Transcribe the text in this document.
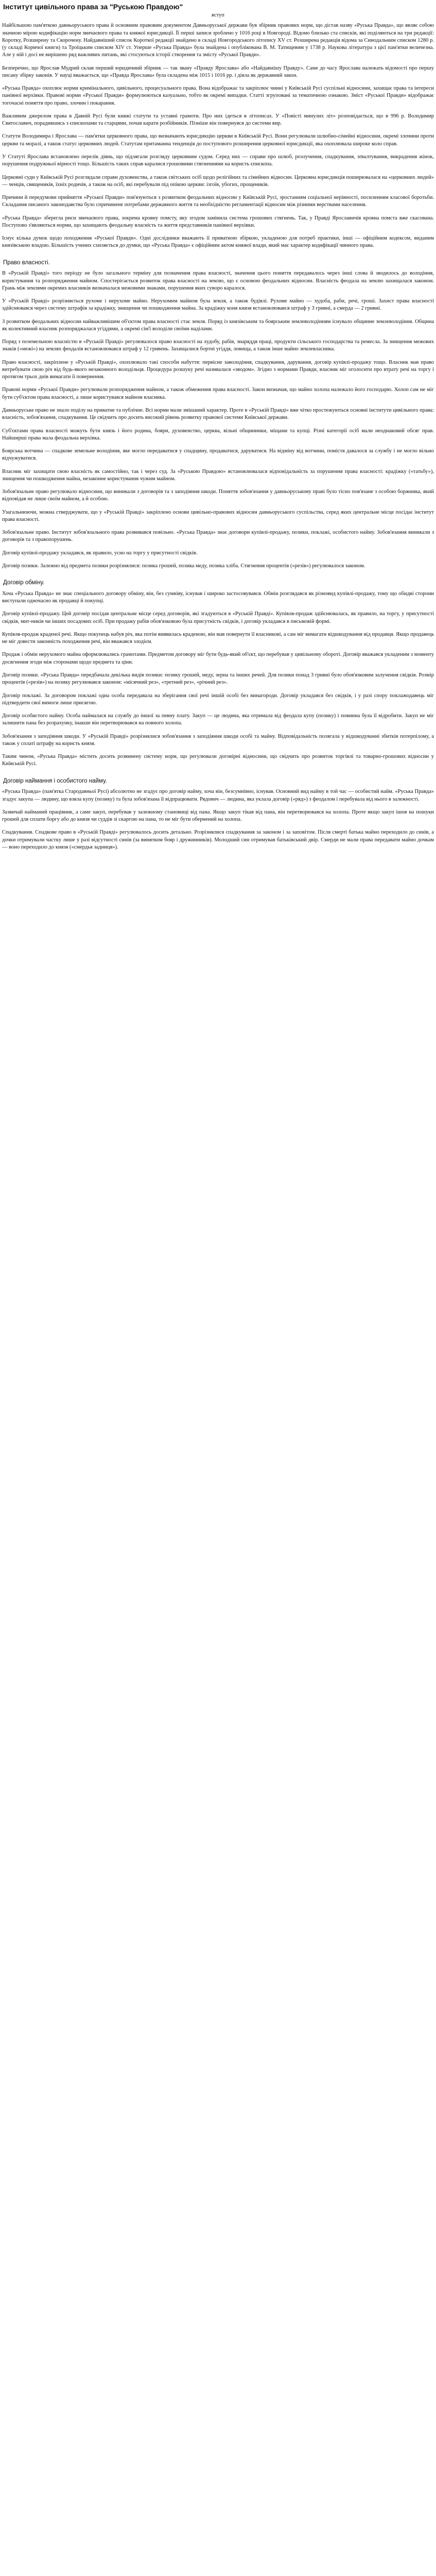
Інститут цивільного права за "Руською Правдою"
вступ

Найбільшою пам'яткою давньоруського права й основним правовим документом Давньоруської держави був збірник правових норм, що дістав назву «Руська Правда», що являє собою значною мірою кодифікацію норм звичаєвого права та княжої юрисдикції. Її перші записи зроблено у 1016 році в Новгороді. Відомо близько ста списків, які поділяються на три редакції: Коротку, Розширену та Скорочену. Найдавніший список Короткої редакції знайдено в складі Новгородського літопису XV ст. Розширена редакція відома за Синодальним списком 1280 р. (у складі Кормчої книги) та Троїцьким списком XIV ст. Уперше «Руська Правда» була знайдена і опублікована В. М. Татищевим у 1738 р. Наукова література з цієї пам'ятки величезна. Але у ній і досі не вирішено ряд важливих питань, які стосуються історії створення та змісту «Руської Правди».

Безперечно, що Ярослав Мудрий склав перший юридичний збірник — так звану «Правду Ярослава» або «Найдавнішу Правду». Саме до часу Ярослава належать відомості про першу писану збірку законів. У науці вважається, що «Правда Ярослава» була складена між 1015 і 1016 рр. і діяла як державний закон.

«Руська Правда» охоплює норми кримінального, цивільного, процесуального права. Вона відображає та закріплює чинні у Київській Русі суспільні відносини, захищає права та інтереси панівної верхівки. Правові норми «Руської Правди» формулюються казуально, тобто як окремі випадки. Статті згруповані за тематичною ознакою. Зміст «Руської Правди» відображає тогочасні поняття про право, злочин і покарання.

Важливим джерелом права в Давній Русі були княжі статути та уставні грамоти. Про них ідеться в літописах. У «Повісті минулих літ» розповідається, що в 996 р. Володимир Святославич, порадившись з єпископами та старцями, почав карати розбійників. Пізніше він повернувся до системи вир.

Статути Володимира і Ярослава — пам'ятки церковного права, що визначають юрисдикцію церкви в Київській Русі. Вони регулювали шлюбно-сімейні відносини, окремі злочини проти церкви та моралі, а також статус церковних людей. Статутам притаманна тенденція до поступового розширення церковної юрисдикції, яка охоплювала широке коло справ.

У Статуті Ярослава встановлено перелік діянь, що підлягали розгляду церковним судом. Серед них — справи про шлюб, розлучення, спадкування, зґвалтування, викрадення жінок, порушення подружньої вірності тощо. Більшість таких справ каралися грошовими стягненнями на користь єпископа.

Церковні суди у Київській Русі розглядали справи духовенства, а також світських осіб щодо релігійних та сімейних відносин. Церковна юрисдикція поширювалася на «церковних людей» — ченців, священиків, їхніх родичів, а також на осіб, які перебували під опікою церкви: ізгоїв, убогих, прощеників.

Причини й передумови прийняття «Руської Правди» пов'язуються з розвитком феодальних відносин у Київській Русі, зростанням соціальної нерівності, посиленням класової боротьби. Складання писаного законодавства було спричинене потребами державного життя та необхідністю регламентації відносин між різними верствами населення.

«Руська Правда» зберегла риси звичаєвого права, зокрема кровну помсту, яку згодом замінила система грошових стягнень. Так, у Правді Ярославичів кровна помста вже скасована. Поступово з'являються норми, що захищають феодальну власність та життя представників панівної верхівки.

Існує кілька думок щодо походження «Руської Правди». Одні дослідники вважають її приватною збіркою, укладеною для потреб практики, інші — офіційним кодексом, виданим князівською владою. Більшість учених схиляється до думки, що «Руська Правда» є офіційним актом княжої влади, який має характер кодифікації чинного права.

Право власності.

В «Руській Правді» того періоду не було загального терміну для позначення права власності, значення цього поняття передавалось через інші слова й зводилось до володіння, користування та розпорядження майном. Спостерігається розвиток права власності на землю, що є основою феодальних відносин. Власність феодала на землю захищалася законом. Грань між землями окремих власників визначалася межовими знаками, порушення яких суворо каралося.

У «Руській Правді» розрізняється рухоме і нерухоме майно. Нерухомим майном була земля, а також будівлі. Рухоме майно — худоба, раби, речі, гроші. Захист права власності здійснювався через систему штрафів за крадіжку, знищення чи пошкодження майна. За крадіжку коня князя встановлювався штраф у 3 гривні, а смерда — 2 гривні.

З розвитком феодальних відносин найважливішим об'єктом права власності стає земля. Поряд із князівським та боярським землеволодінням існувало общинне землеволодіння. Община як колективний власник розпоряджалася угіддями, а окремі сім'ї володіли своїми наділами.

Поряд з поземельною власністю в «Руській Правді» регулювалося право власності на худобу, рабів, знаряддя праці, продукти сільського господарства та ремесла. За знищення межових знаків («межі») на землях феодалів встановлювався штраф у 12 гривень. Захищалися бортні угіддя, ловища, а також інше майно землевласника.

Право власності, закріплене у «Руській Правді», охоплювало такі способи набуття: первісне заволодіння, спадкування, дарування, договір купівлі-продажу тощо. Власник мав право витребувати свою річ від будь-якого незаконного володільця. Процедура розшуку речі називалася «зводом». Згідно з нормами Правди, власник міг оголосити про втрату речі на торгу і протягом трьох днів вимагати її повернення.

Правові норми «Руської Правди» регулювали розпорядження майном, а також обмеження права власності. Закон визначав, що майно холопа належало його господарю. Холоп сам не міг бути суб'єктом права власності, а лише користувався майном власника.

Давньоруське право не знало поділу на приватне та публічне. Всі норми мали змішаний характер. Проте в «Руській Правді» вже чітко простежуються основні інститути цивільного права: власність, зобов'язання, спадкування. Це свідчить про досить високий рівень розвитку правової системи Київської держави.

Суб'єктами права власності можуть бути князь і його родина, бояри, духовенство, церква, вільні общинники, міщани та купці. Різні категорії осіб мали неоднаковий обсяг прав. Найширші права мала феодальна верхівка.

Боярська вотчина — спадкове земельне володіння, яке могло передаватися у спадщину, продаватися, даруватися. На відміну від вотчини, помістя давалося за службу і не могло вільно відчужуватися.

Власник міг захищати свою власність як самостійно, так і через суд. За «Руською Правдою» встановлювалася відповідальність за порушення права власності: крадіжку («татьбу»), знищення чи пошкодження майна, незаконне користування чужим майном.

Зобов'язальне право регулювало відносини, що виникали з договорів та з заподіяння шкоди. Поняття зобов'язання у давньоруському праві було тісно пов'язане з особою боржника, який відповідав не лише своїм майном, а й особою.

Узагальнюючи, можна стверджувати, що у «Руській Правді» закріплено основи цивільно-правових відносин давньоруського суспільства, серед яких центральне місце посідає інститут права власності.

Зобов'язальне право. Інститут зобов'язального права розвивався повільно. «Руська Правда» знає договори купівлі-продажу, позики, поклажі, особистого найму. Зобов'язання виникали з договорів та з правопорушень.

Договір купівлі-продажу укладався, як правило, усно на торгу у присутності свідків.

Договір позики. Залежно від предмета позики розрізнялися: позика грошей, позика меду, позика хліба. Стягнення процентів («резів») регулювалося законом.

Договір обміну.

Хоча «Руська Правда» не знає спеціального договору обміну, він, без сумніву, існував і широко застосовувався. Обмін розглядався як різновид купівлі-продажу, тому що обидві сторони виступали одночасно як продавці й покупці.

Договір купівлі-продажу. Цей договір посідав центральне місце серед договорів, які згадуються в «Руській Правді». Купівля-продаж здійснювалась, як правило, на торгу, у присутності свідків, мит-ників чи інших посадових осіб. При продажу рабів обов'язковою була присутність свідків, і договір укладався в письмовій формі.

Купівля-продаж краденої речі. Якщо покупець набув річ, яка потім виявилась краденою, він мав повернути її власникові, а сам міг вимагати відшкодування від продавця. Якщо продавець не міг довести законність походження речі, він вважався злодієм.

Продаж і обмін нерухомого майна оформлювались грамотами. Предметом договору міг бути будь-який об'єкт, що перебував у цивільному обороті. Договір вважався укладеним з моменту досягнення згоди між сторонами щодо предмета та ціни.

Договір позики. «Руська Правда» передбачала декілька видів позики: позику грошей, меду, зерна та інших речей. Для позики понад 3 гривні було обов'язковим залучення свідків. Розмір процентів («резів») на позику регулювався законом: «місячний рез», «третний рез», «річний рез».

Договір поклажі. За договором поклажі одна особа передавала на зберігання свої речі іншій особі без винагороди. Договір укладався без свідків, і у разі спору поклажодавець міг підтвердити свої вимоги лише присягою.

Договір особистого найму. Особа наймалася на службу до іншої за певну плату. Закуп — це людина, яка отримала від феодала купу (позику) і повинна була її відробити. Закуп не міг залишити пана без розрахунку, інакше він перетворювався на повного холопа.

Зобов'язання з заподіяння шкоди. У «Руській Правді» розрізнялися зобов'язання з заподіяння шкоди особі та майну. Відповідальність полягала у відшкодуванні збитків потерпілому, а також у сплаті штрафу на користь князя.

Таким чином, «Руська Правда» містить досить розвинену систему норм, що регулювали договірні відносини, що свідчить про розвиток торгівлі та товарно-грошових відносин у Київській Русі.

Договір наймання і особистого найму.

«Руська Правда» (пам'ятка Стародавньої Русі) абсолютно не згадує про договір найму, хоча він, безсумнівно, існував. Основний вид найму в той час — особистий найм. «Руська Правда» згадує закупа — людину, що взяла купу (позику) та була зобов'язана її відпрацювати. Рядович — людина, яка уклала договір («ряд») з феодалом і перебувала від нього в залежності.

Зазвичай найманий працівник, а саме закуп, перебував у залежному становищі від пана. Якщо закуп тікав від пана, він перетворювався на холопа. Проте якщо закуп ішов на пошуки грошей для сплати боргу або до князя чи суддів зі скаргою на пана, то не міг бути обернений на холопа.

Спадкування. Спадкове право в «Руській Правді» регулювалось досить детально. Розрізнялися спадкування за законом і за заповітом. Після смерті батька майно переходило до синів, а дочки отримували частку лише у разі відсутності синів (за винятком бояр і дружинників). Молодший син отримував батьківський двір. Смерди не мали права передавати майно дочкам — воно переходило до князя («смердья задниця»).
